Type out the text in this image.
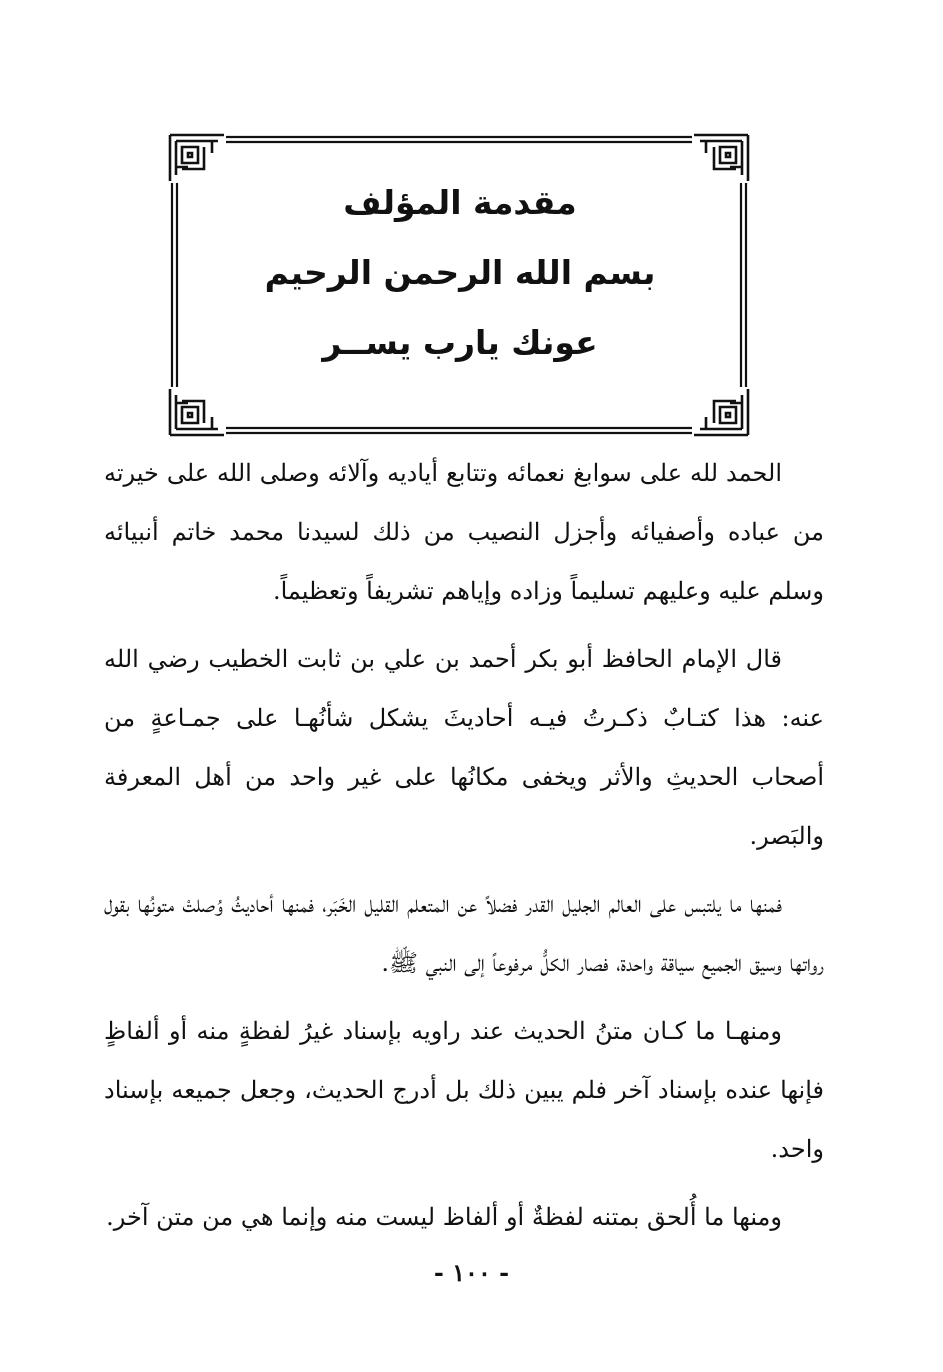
مقدمة المؤلف
بسم الله الرحمن الرحيم
عونك يارب يســر

الحمد لله على سوابغ نعمائه وتتابع أياديه وآلائه وصلى الله على خيرته من عباده وأصفيائه وأجزل النصيب من ذلك لسيدنا محمد خاتم أنبيائه وسلم عليه وعليهم تسليماً وزاده وإياهم تشريفاً وتعظيماً.

قال الإمام الحافظ أبو بكر أحمد بن علي بن ثابت الخطيب رضي الله عنه: هذا كتـابٌ ذكـرتُ فيـه أحاديثَ يشكل شأنُهـا على جمـاعةٍ من أصحاب الحديثِ والأثر ويخفى مكانُها على غير واحد من أهل المعرفة والبَصر.

فمنها ما يلتبس على العالم الجليل القدر فضلاً عن المتعلم القليل الخَبَر، فمنها أحاديثُ وُصلتْ متونُها بقول رواتها وسيق الجميع سياقة واحدة، فصار الكلُّ مرفوعاً إلى النبي ﷺ.

ومنهـا ما كـان متنُ الحديث عند راويه بإسناد غيرُ لفظةٍ منه أو ألفاظٍ فإنها عنده بإسناد آخر فلم يبين ذلك بل أدرج الحديث، وجعل جميعه بإسناد واحد.

ومنها ما أُلحق بمتنه لفظةٌ أو ألفاظ ليست منه وإنما هي من متن آخر.

- ١٠٠ -
